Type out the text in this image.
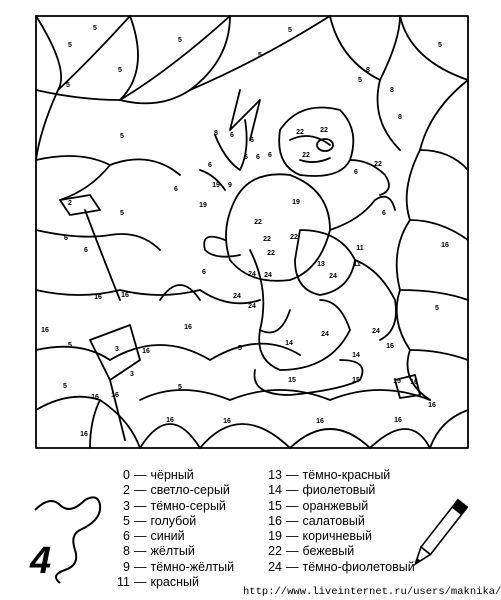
5
5
5	5
5
5
5
5	8
8
8
6
6
6 6
22 22
22
22
5
8
9
19
6
6
5
2
5
6
19
22
22
22
22
19
13
6
11
11
6
6
6	24 24
24
24
6
16	16
5
16
3
5
14
24	24
24
16	5
16
5
14
16
3
16
5
15	15	15 16
16
16	16	16
16
16
16
16
0 — чёрный
2 — светло-серый
3 — тёмно-серый
5 — голубой
6 — синий
8 — жёлтый
9 — тёмно-жёлтый
11 — красный
13 — тёмно-красный
14 — фиолетовый
15 — оранжевый
16 — салатовый
19 — коричневый
22 — бежевый
24 — тёмно-фиолетовый
4
http://www.liveinternet.ru/users/maknika/
